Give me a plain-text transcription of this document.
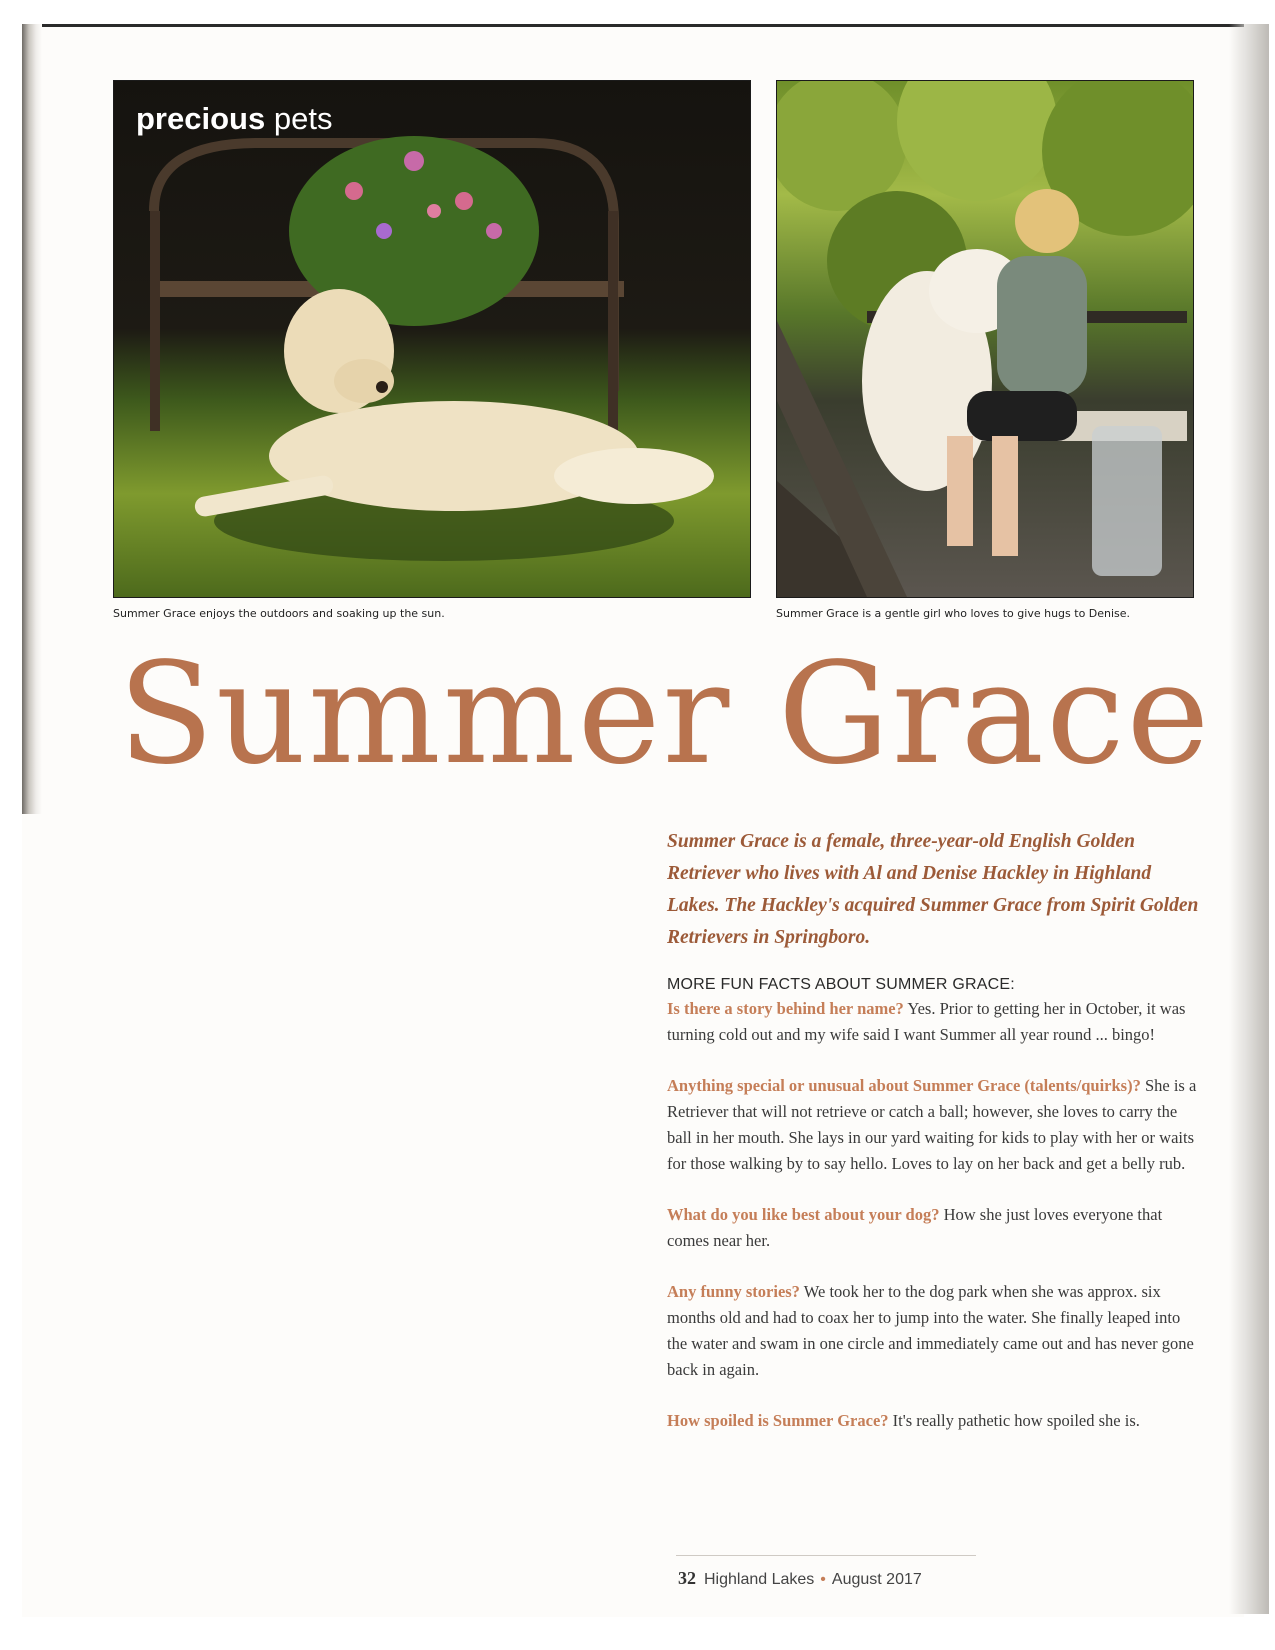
precious pets
Summer Grace enjoys the outdoors and soaking up the sun.	Summer Grace is a gentle girl who loves to give hugs to Denise.
Summer Grace

Summer Grace is a female, three-year-old English Golden Retriever who lives with Al and Denise Hackley in Highland Lakes. The Hackley's acquired Summer Grace from Spirit Golden Retrievers in Springboro.

MORE FUN FACTS ABOUT SUMMER GRACE:

Is there a story behind her name? Yes. Prior to getting her in October, it was turning cold out and my wife said I want Summer all year round ... bingo!

Anything special or unusual about Summer Grace (talents/quirks)? She is a Retriever that will not retrieve or catch a ball; however, she loves to carry the ball in her mouth. She lays in our yard waiting for kids to play with her or waits for those walking by to say hello. Loves to lay on her back and get a belly rub.

What do you like best about your dog? How she just loves everyone that comes near her.

Any funny stories? We took her to the dog park when she was approx. six months old and had to coax her to jump into the water. She finally leaped into the water and swam in one circle and immediately came out and has never gone back in again.

How spoiled is Summer Grace? It's really pathetic how spoiled she is.

32 Highland Lakes • August 2017
